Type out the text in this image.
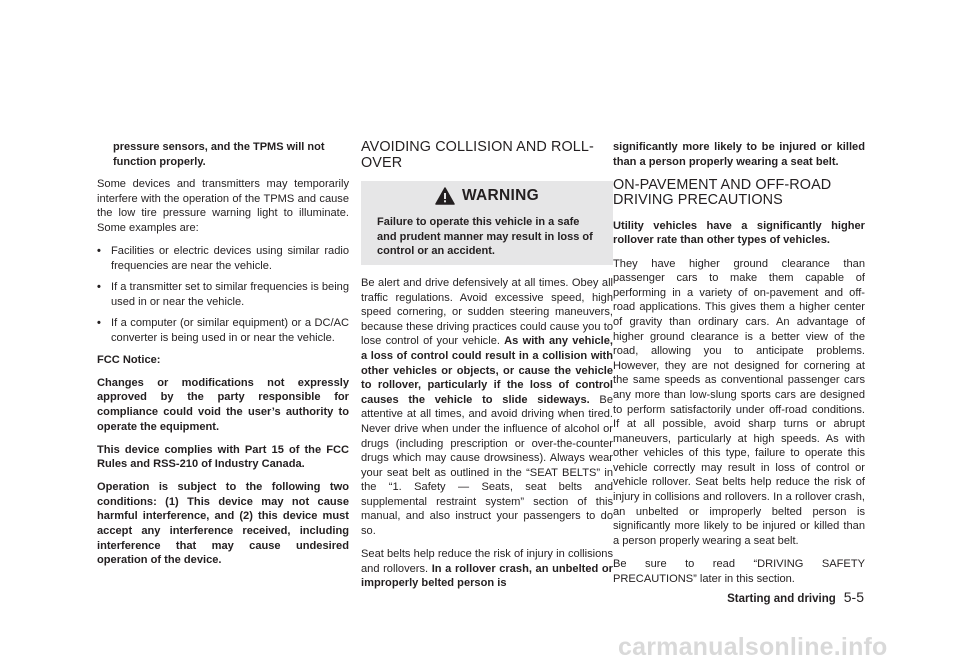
pressure sensors, and the TPMS will not function properly.

Some devices and transmitters may temporarily interfere with the operation of the TPMS and cause the low tire pressure warning light to illuminate. Some examples are:

• Facilities or electric devices using similar radio frequencies are near the vehicle.
• If a transmitter set to similar frequencies is being used in or near the vehicle.
• If a computer (or similar equipment) or a DC/AC converter is being used in or near the vehicle.

FCC Notice:

Changes or modifications not expressly approved by the party responsible for compliance could void the user’s authority to operate the equipment.

This device complies with Part 15 of the FCC Rules and RSS-210 of Industry Canada.

Operation is subject to the following two conditions: (1) This device may not cause harmful interference, and (2) this device must accept any interference received, including interference that may cause undesired operation of the device.

AVOIDING COLLISION AND ROLL-OVER
WARNING
Failure to operate this vehicle in a safe and prudent manner may result in loss of control or an accident.

Be alert and drive defensively at all times. Obey all traffic regulations. Avoid excessive speed, high speed cornering, or sudden steering maneuvers, because these driving practices could cause you to lose control of your vehicle. As with any vehicle, a loss of control could result in a collision with other vehicles or objects, or cause the vehicle to rollover, particularly if the loss of control causes the vehicle to slide sideways. Be attentive at all times, and avoid driving when tired. Never drive when under the influence of alcohol or drugs (including prescription or over-the-counter drugs which may cause drowsiness). Always wear your seat belt as outlined in the “SEAT BELTS” in the “1. Safety — Seats, seat belts and supplemental restraint system” section of this manual, and also instruct your passengers to do so.

Seat belts help reduce the risk of injury in collisions and rollovers. In a rollover crash, an unbelted or improperly belted person is

significantly more likely to be injured or killed than a person properly wearing a seat belt.

ON-PAVEMENT AND OFF-ROAD DRIVING PRECAUTIONS

Utility vehicles have a significantly higher rollover rate than other types of vehicles.

They have higher ground clearance than passenger cars to make them capable of performing in a variety of on-pavement and off-road applications. This gives them a higher center of gravity than ordinary cars. An advantage of higher ground clearance is a better view of the road, allowing you to anticipate problems. However, they are not designed for cornering at the same speeds as conventional passenger cars any more than low-slung sports cars are designed to perform satisfactorily under off-road conditions. If at all possible, avoid sharp turns or abrupt maneuvers, particularly at high speeds. As with other vehicles of this type, failure to operate this vehicle correctly may result in loss of control or vehicle rollover. Seat belts help reduce the risk of injury in collisions and rollovers. In a rollover crash, an unbelted or improperly belted person is significantly more likely to be injured or killed than a person properly wearing a seat belt.

Be sure to read “DRIVING SAFETY PRECAUTIONS” later in this section.

Starting and driving 5-5
carmanualsonline.info
